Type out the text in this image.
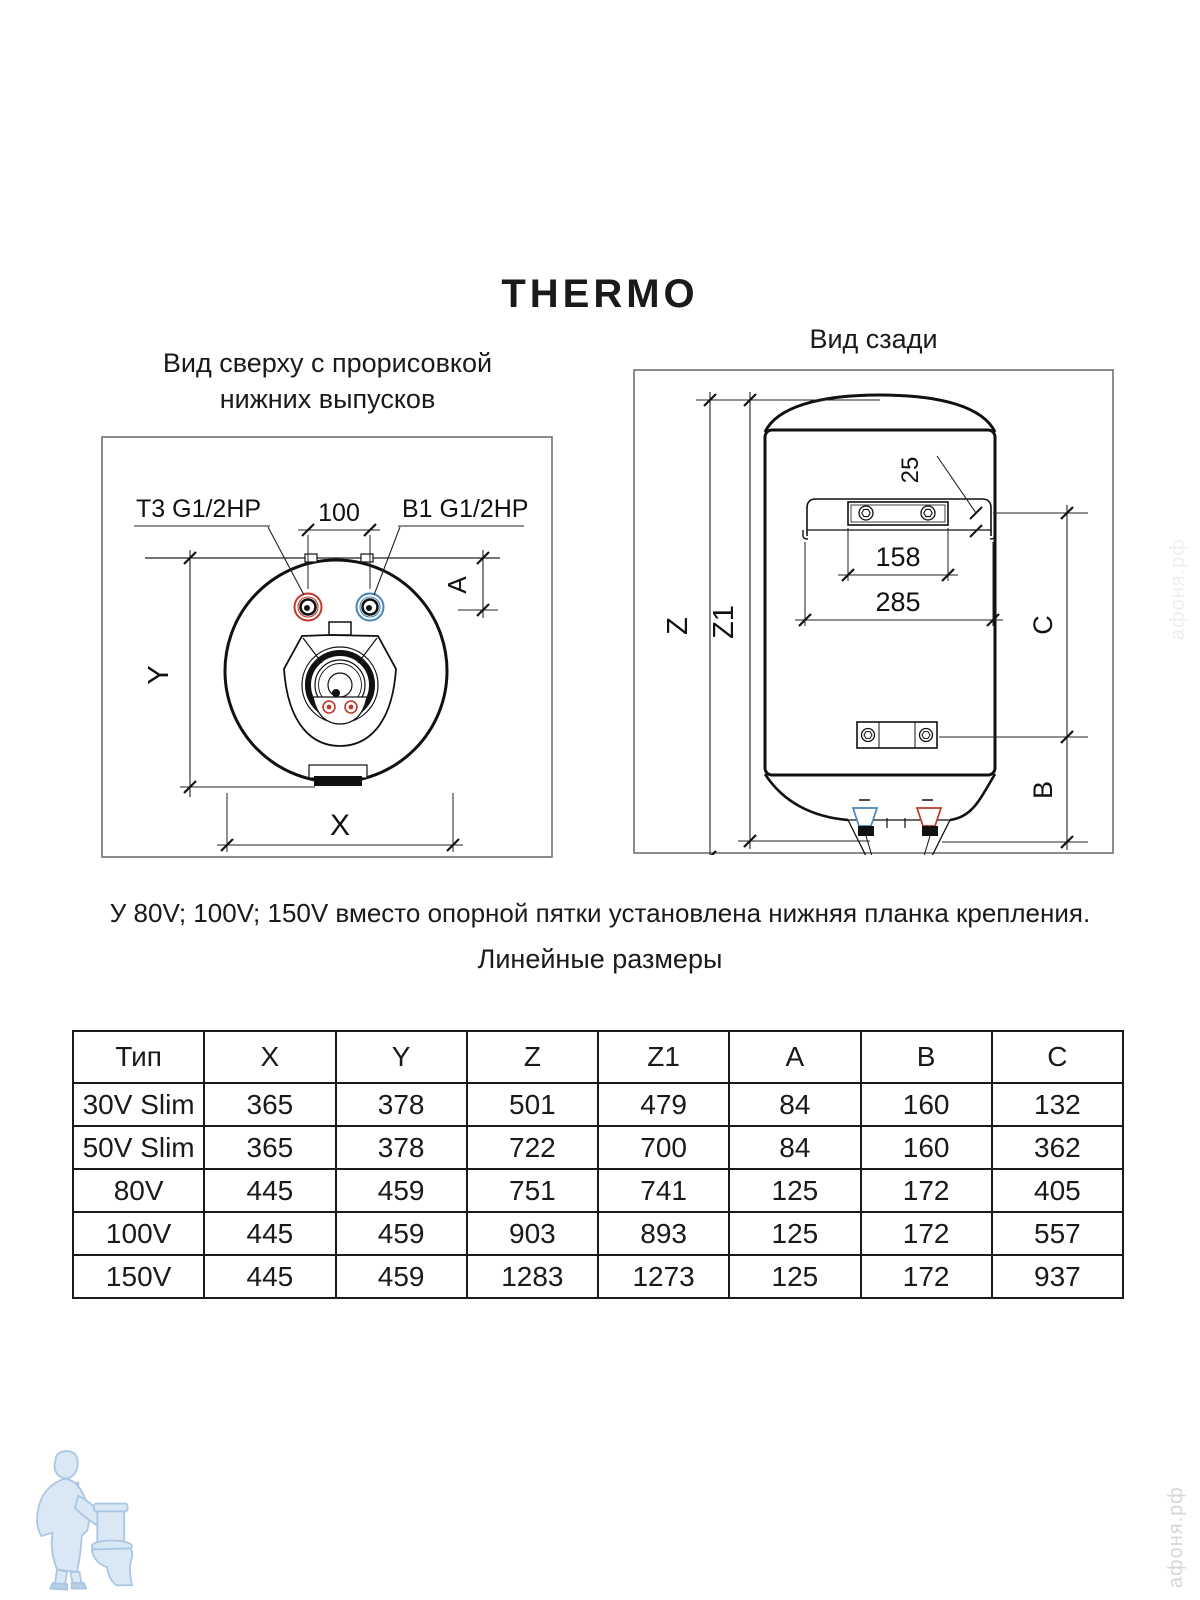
THERMO
Вид сверху с прорисовкой
нижних выпусков
Вид сзади
T3 G1/2HP	B1 G1/2HP
100
Y
X
A
25
158
285
Z Z1	C
B
У 80V; 100V; 150V вместо опорной пятки установлена нижняя планка крепления.
Линейные размеры
Тип	X	Y	Z	Z1	A	B	C
30V Slim	365	378	501	479	84	160	132
50V Slim	365	378	722	700	84	160	362
80V	445	459	751	741	125	172	405
100V	445	459	903	893	125	172	557
150V	445	459	1283	1273	125	172	937
афоня.рф
афоня.рф
